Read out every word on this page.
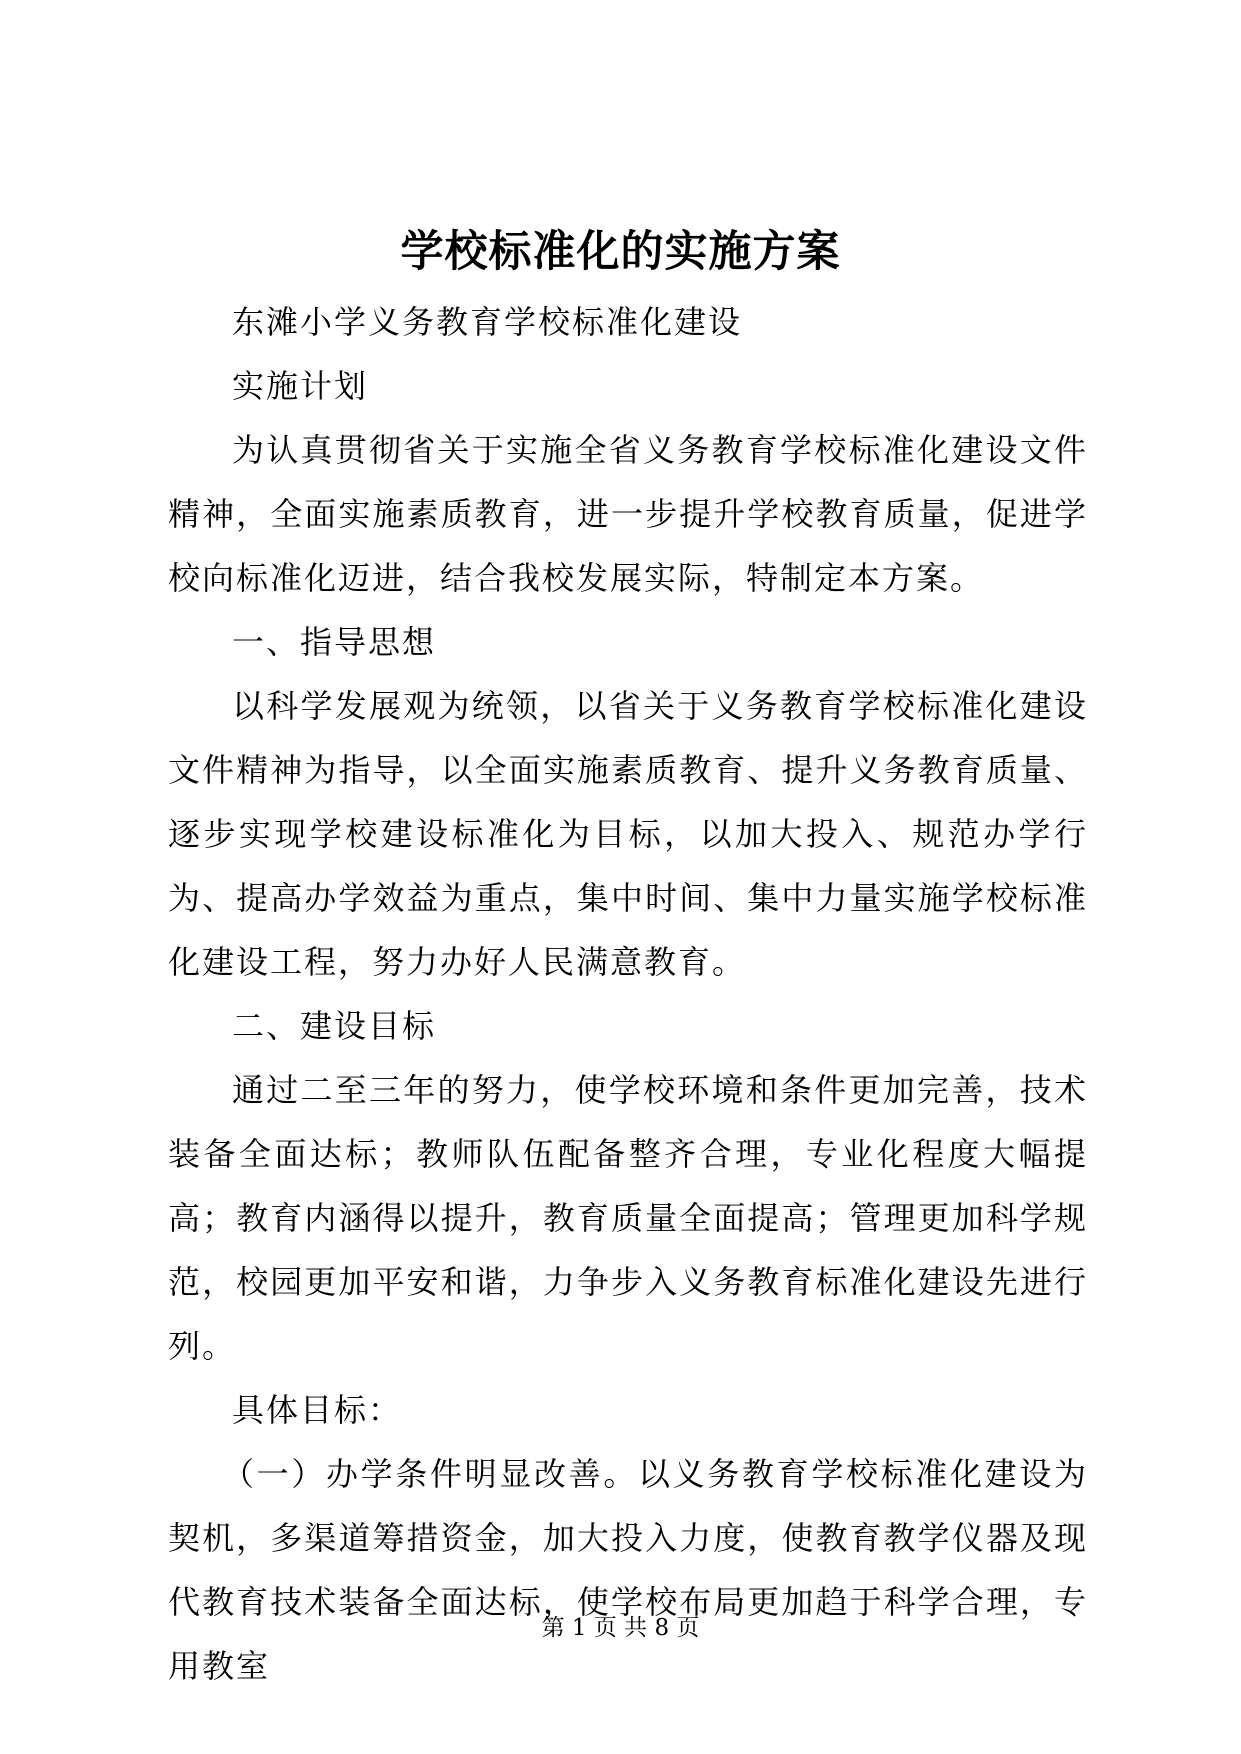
学校标准化的实施方案

东滩小学义务教育学校标准化建设

实施计划

为认真贯彻省关于实施全省义务教育学校标准化建设文件精神，全面实施素质教育，进一步提升学校教育质量，促进学校向标准化迈进，结合我校发展实际，特制定本方案。

一、指导思想

以科学发展观为统领，以省关于义务教育学校标准化建设文件精神为指导，以全面实施素质教育、提升义务教育质量、逐步实现学校建设标准化为目标，以加大投入、规范办学行为、提高办学效益为重点，集中时间、集中力量实施学校标准化建设工程，努力办好人民满意教育。

二、建设目标

通过二至三年的努力，使学校环境和条件更加完善，技术装备全面达标；教师队伍配备整齐合理，专业化程度大幅提高；教育内涵得以提升，教育质量全面提高；管理更加科学规范，校园更加平安和谐，力争步入义务教育标准化建设先进行列。

具体目标：

（一）办学条件明显改善。以义务教育学校标准化建设为契机，多渠道筹措资金，加大投入力度，使教育教学仪器及现代教育技术装备全面达标，使学校布局更加趋于科学合理，专用教室

第 1 页 共 8 页
